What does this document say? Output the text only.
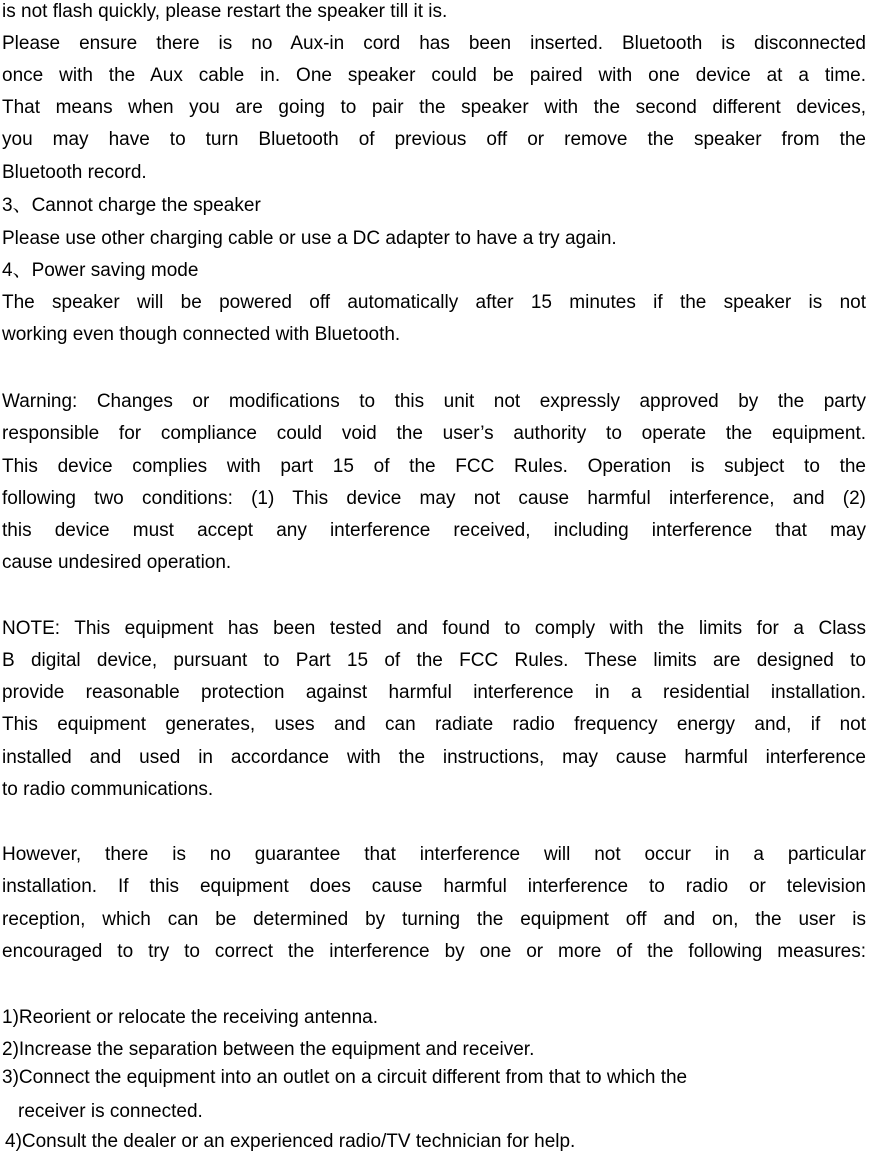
is not flash quickly, please restart the speaker till it is.
Please ensure there is no Aux-in cord has been inserted. Bluetooth is disconnected
once with the Aux cable in. One speaker could be paired with one device at a time.
That means when you are going to pair the speaker with the second different devices,
you may have to turn Bluetooth of previous off or remove the speaker from the
Bluetooth record.
3、Cannot charge the speaker
Please use other charging cable or use a DC adapter to have a try again.
4、Power saving mode
The speaker will be powered off automatically after 15 minutes if the speaker is not
working even though connected with Bluetooth.
Warning: Changes or modifications to this unit not expressly approved by the party
responsible for compliance could void the user’s authority to operate the equipment.
This device complies with part 15 of the FCC Rules. Operation is subject to the
following two conditions: (1) This device may not cause harmful interference, and (2)
this device must accept any interference received, including interference that may
cause undesired operation.
NOTE: This equipment has been tested and found to comply with the limits for a Class
B digital device, pursuant to Part 15 of the FCC Rules. These limits are designed to
provide reasonable protection against harmful interference in a residential installation.
This equipment generates, uses and can radiate radio frequency energy and, if not
installed and used in accordance with the instructions, may cause harmful interference
to radio communications.
However, there is no guarantee that interference will not occur in a particular
installation. If this equipment does cause harmful interference to radio or television
reception, which can be determined by turning the equipment off and on, the user is
encouraged to try to correct the interference by one or more of the following measures:
1)Reorient or relocate the receiving antenna.
2)Increase the separation between the equipment and receiver.
3)Connect the equipment into an outlet on a circuit different from that to which the
receiver is connected.
4)Consult the dealer or an experienced radio/TV technician for help.
